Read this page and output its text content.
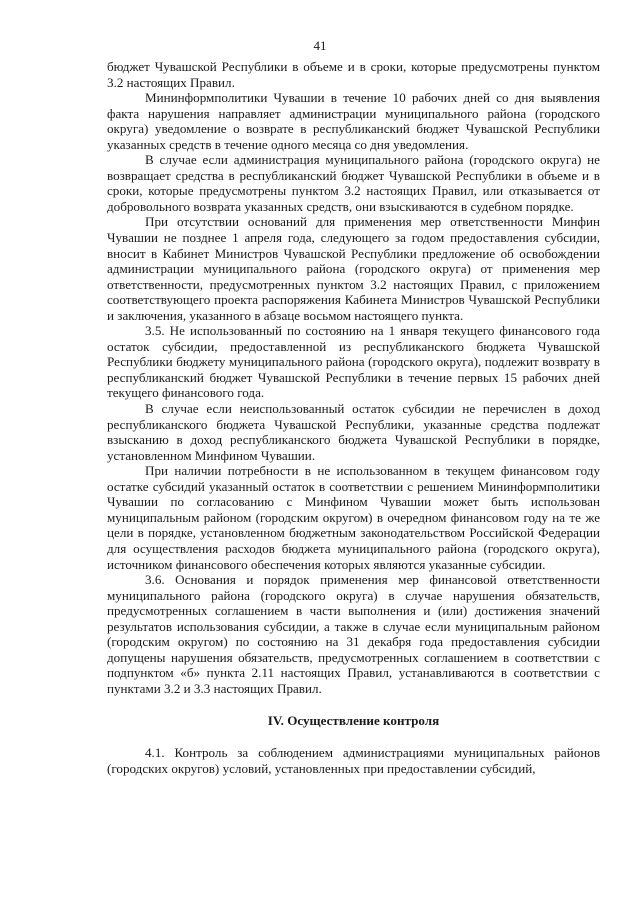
41

бюджет Чувашской Республики в объеме и в сроки, которые предусмотрены пунктом 3.2 настоящих Правил.

Mининформполитики Чувашии в течение 10 рабочих дней со дня выявления факта нарушения направляет администрации муниципального района (городского округа) уведомление о возврате в республиканский бюджет Чувашской Республики указанных средств в течение одного месяца со дня уведомления.

В случае если администрация муниципального района (городского округа) не возвращает средства в республиканский бюджет Чувашской Республики в объеме и в сроки, которые предусмотрены пунктом 3.2 настоящих Правил, или отказывается от добровольного возврата указанных средств, они взыскиваются в судебном порядке.

При отсутствии оснований для применения мер ответственности Минфин Чувашии не позднее 1 апреля года, следующего за годом предоставления субсидии, вносит в Кабинет Министров Чувашской Республики предложение об освобождении администрации муниципального района (городского округа) от применения мер ответственности, предусмотренных пунктом 3.2 настоящих Правил, с приложением соответствующего проекта распоряжения Кабинета Министров Чувашской Республики и заключения, указанного в абзаце восьмом настоящего пункта.

3.5. Не использованный по состоянию на 1 января текущего финансового года остаток субсидии, предоставленной из республиканского бюджета Чувашской Республики бюджету муниципального района (городского округа), подлежит возврату в республиканский бюджет Чувашской Республики в течение первых 15 рабочих дней текущего финансового года.

В случае если неиспользованный остаток субсидии не перечислен в доход республиканского бюджета Чувашской Республики, указанные средства подлежат взысканию в доход республиканского бюджета Чувашской Республики в порядке, установленном Минфином Чувашии.

При наличии потребности в не использованном в текущем финансовом году остатке субсидий указанный остаток в соответствии с решением Мининформполитики Чувашии по согласованию с Минфином Чувашии может быть использован муниципальным районом (городским округом) в очередном финансовом году на те же цели в порядке, установленном бюджетным законодательством Российской Федерации для осуществления расходов бюджета муниципального района (городского округа), источником финансового обеспечения которых являются указанные субсидии.

3.6. Основания и порядок применения мер финансовой ответственности муниципального района (городского округа) в случае нарушения обязательств, предусмотренных соглашением в части выполнения и (или) достижения значений результатов использования субсидии, а также в случае если муниципальным районом (городским округом) по состоянию на 31 декабря года предоставления субсидии допущены нарушения обязательств, предусмотренных соглашением в соответствии с подпунктом «б» пункта 2.11 настоящих Правил, устанавливаются в соответствии с пунктами 3.2 и 3.3 настоящих Правил.

IV. Осуществление контроля

4.1. Контроль за соблюдением администрациями муниципальных районов (городских округов) условий, установленных при предоставлении субсидий,
